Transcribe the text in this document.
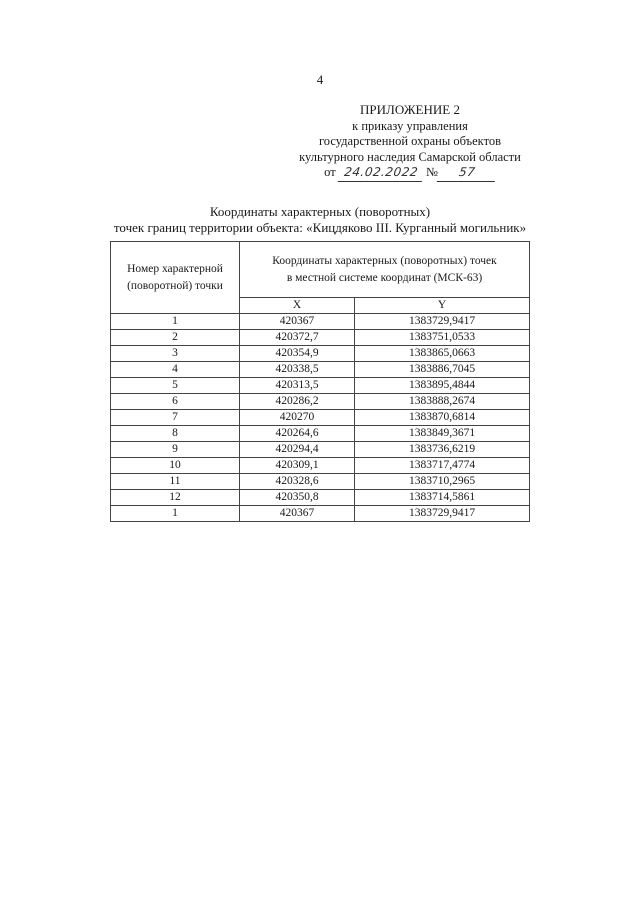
4
ПРИЛОЖЕНИЕ 2
к приказу управления
государственной охраны объектов
культурного наследия Самарской области
от 24.02.2022 № 57
Координаты характерных (поворотных)
точек границ территории объекта: «Кицдяково III. Курганный могильник»
Номер характерной (поворотной) точки	Координаты характерных (поворотных) точек
в местной системе координат (МСК-63)	

	X	Y
1	420367	1383729,9417
2	420372,7	1383751,0533
3	420354,9	1383865,0663
4	420338,5	1383886,7045
5	420313,5	1383895,4844
6	420286,2	1383888,2674
7	420270	1383870,6814
8	420264,6	1383849,3671
9	420294,4	1383736,6219
10	420309,1	1383717,4774
11	420328,6	1383710,2965
12	420350,8	1383714,5861
1	420367	1383729,9417
